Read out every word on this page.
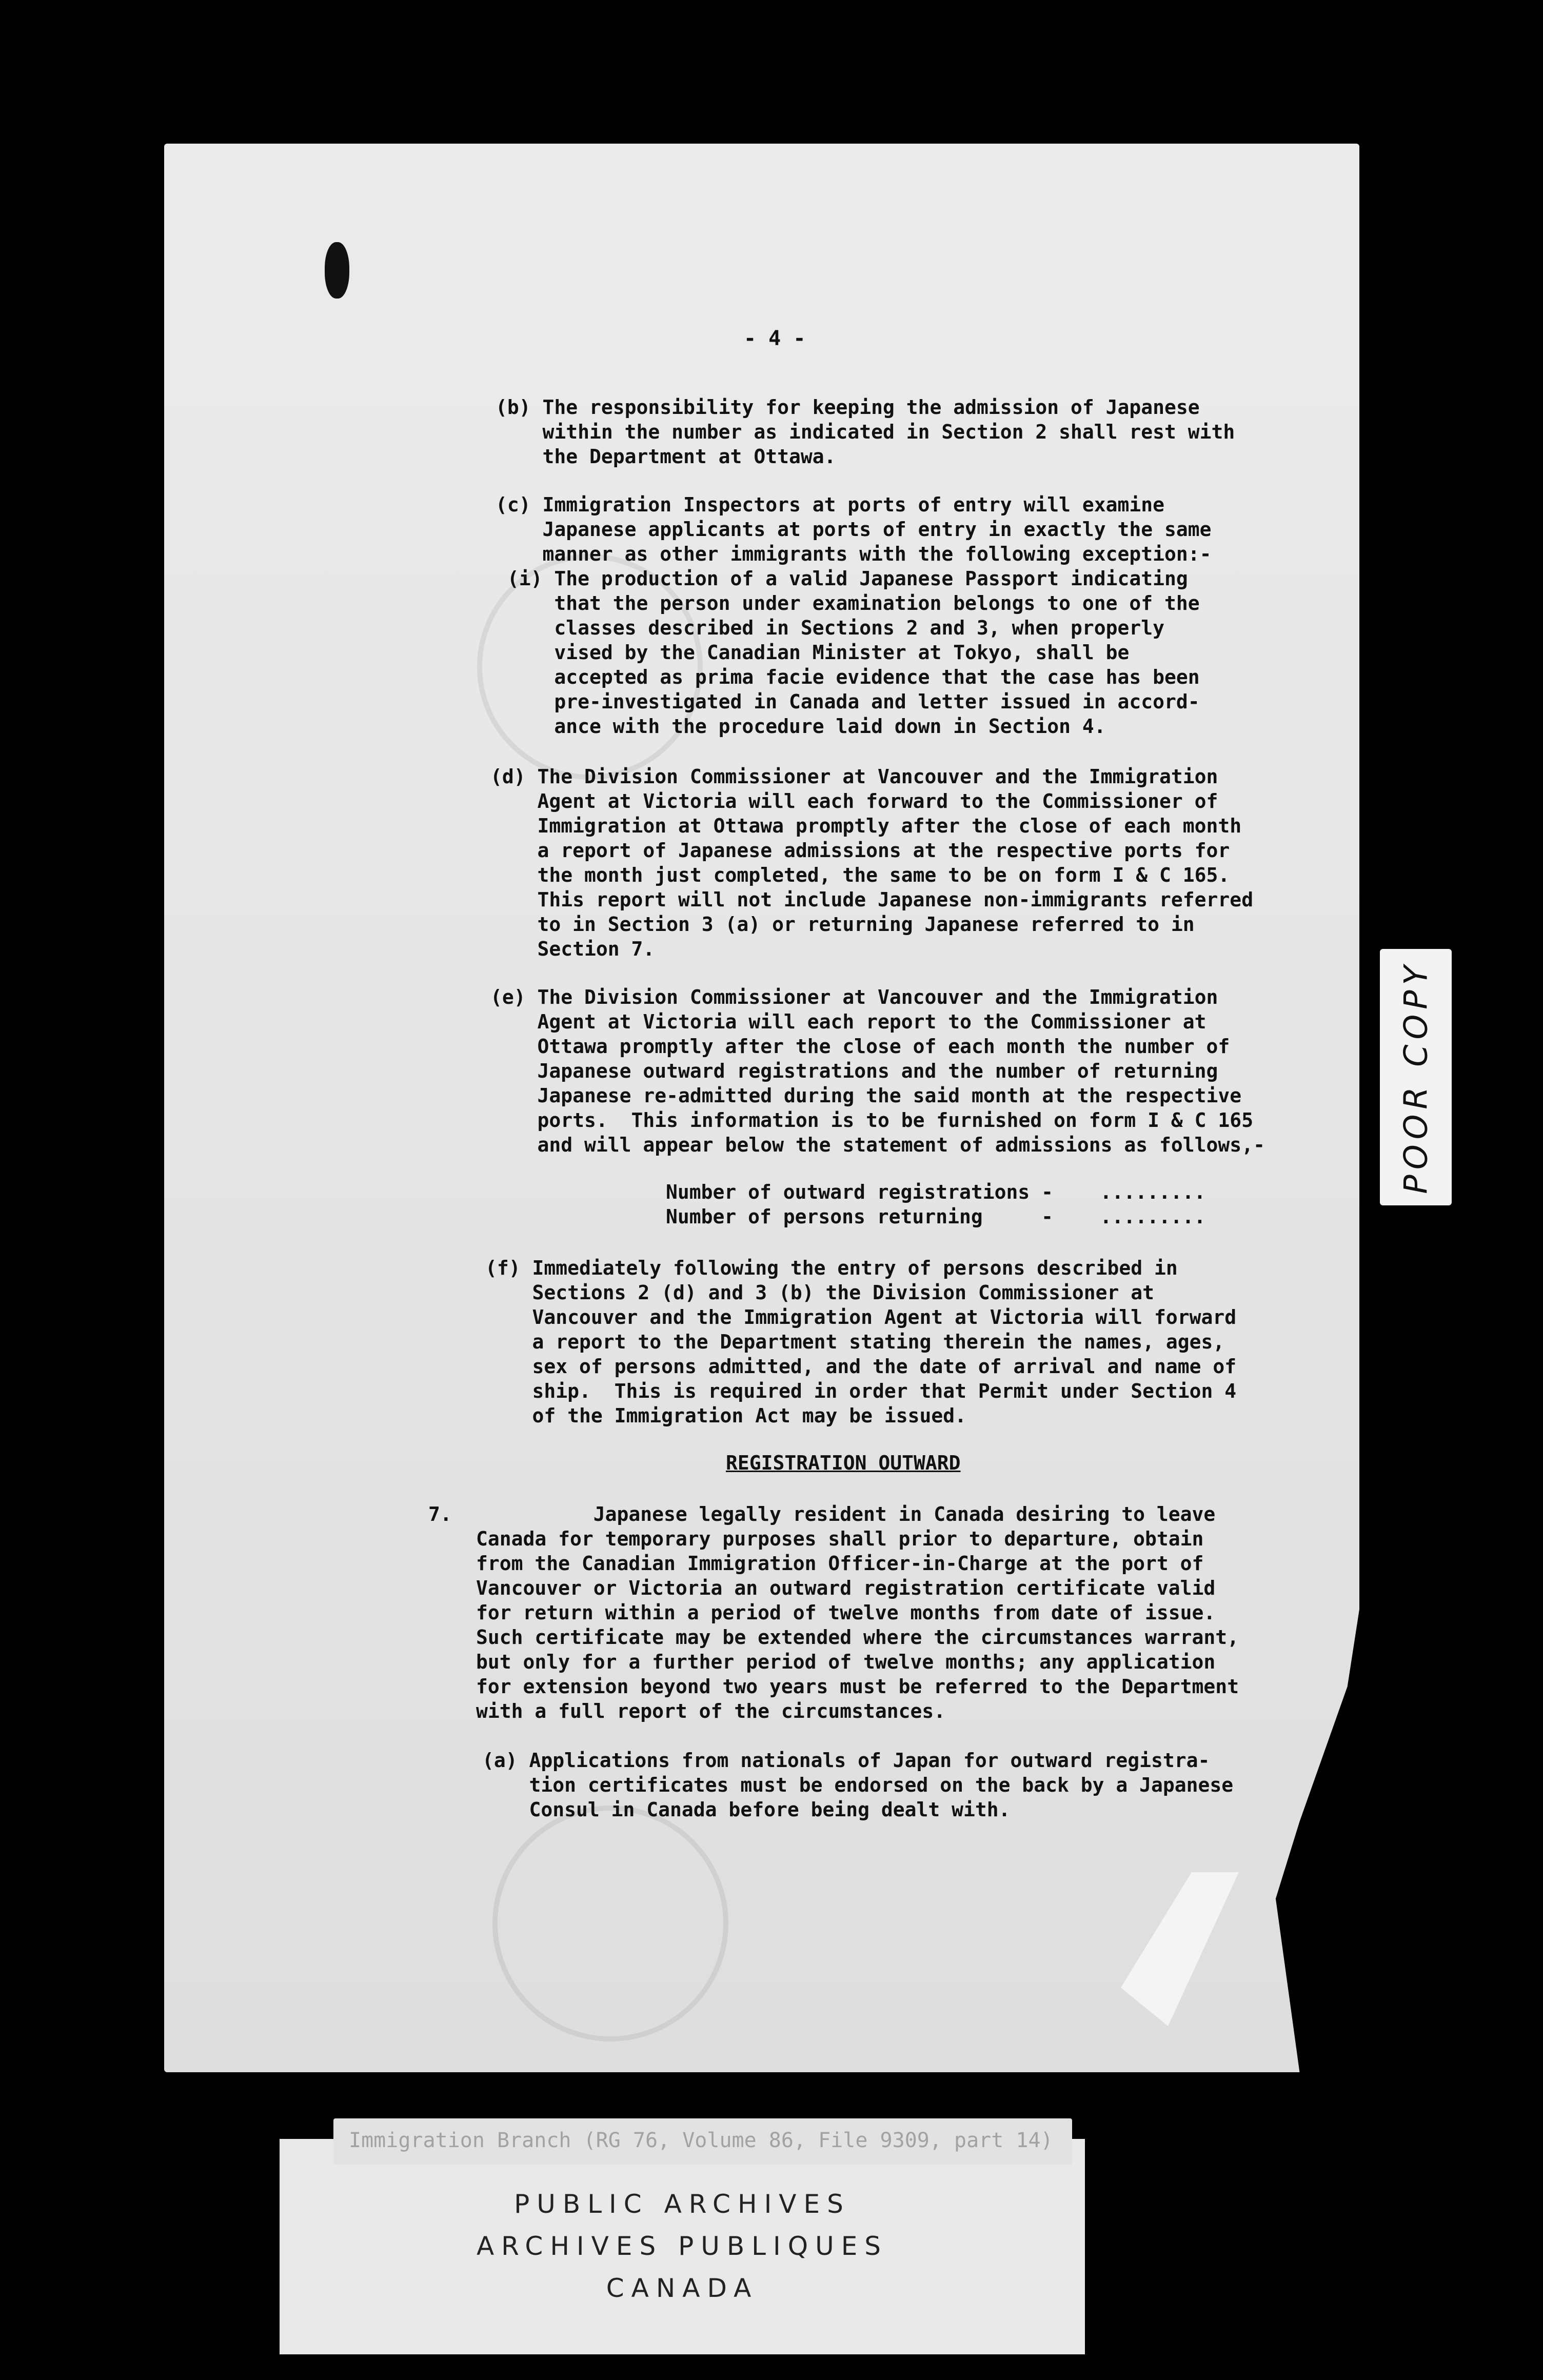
- 4 -
(b) The responsibility for keeping the admission of Japanese
within the number as indicated in Section 2 shall rest with
the Department at Ottawa.
(c) Immigration Inspectors at ports of entry will examine
Japanese applicants at ports of entry in exactly the same
manner as other immigrants with the following exception:-
(i) The production of a valid Japanese Passport indicating
that the person under examination belongs to one of the
classes described in Sections 2 and 3, when properly
vised by the Canadian Minister at Tokyo, shall be
accepted as prima facie evidence that the case has been
pre-investigated in Canada and letter issued in accord-
ance with the procedure laid down in Section 4.
(d) The Division Commissioner at Vancouver and the Immigration
Agent at Victoria will each forward to the Commissioner of
Immigration at Ottawa promptly after the close of each month
a report of Japanese admissions at the respective ports for
the month just completed, the same to be on form I & C 165.
This report will not include Japanese non-immigrants referred
to in Section 3 (a) or returning Japanese referred to in
Section 7.
(e) The Division Commissioner at Vancouver and the Immigration
Agent at Victoria will each report to the Commissioner at
Ottawa promptly after the close of each month the number of
Japanese outward registrations and the number of returning
Japanese re-admitted during the said month at the respective
ports.  This information is to be furnished on form I & C 165
and will appear below the statement of admissions as follows,-
Number of outward registrations -    .........
Number of persons returning     -    .........
(f) Immediately following the entry of persons described in
Sections 2 (d) and 3 (b) the Division Commissioner at
Vancouver and the Immigration Agent at Victoria will forward
a report to the Department stating therein the names, ages,
sex of persons admitted, and the date of arrival and name of
ship.  This is required in order that Permit under Section 4
of the Immigration Act may be issued.
REGISTRATION OUTWARD
7. Japanese legally resident in Canada desiring to leave
Canada for temporary purposes shall prior to departure, obtain
from the Canadian Immigration Officer-in-Charge at the port of
Vancouver or Victoria an outward registration certificate valid
for return within a period of twelve months from date of issue.
Such certificate may be extended where the circumstances warrant,
but only for a further period of twelve months; any application
for extension beyond two years must be referred to the Department
with a full report of the circumstances.
(a) Applications from nationals of Japan for outward registra-
tion certificates must be endorsed on the back by a Japanese
Consul in Canada before being dealt with.
POOR COPY
Immigration Branch (RG 76, Volume 86, File 9309, part 14)
PUBLIC ARCHIVES
ARCHIVES PUBLIQUES
CANADA
